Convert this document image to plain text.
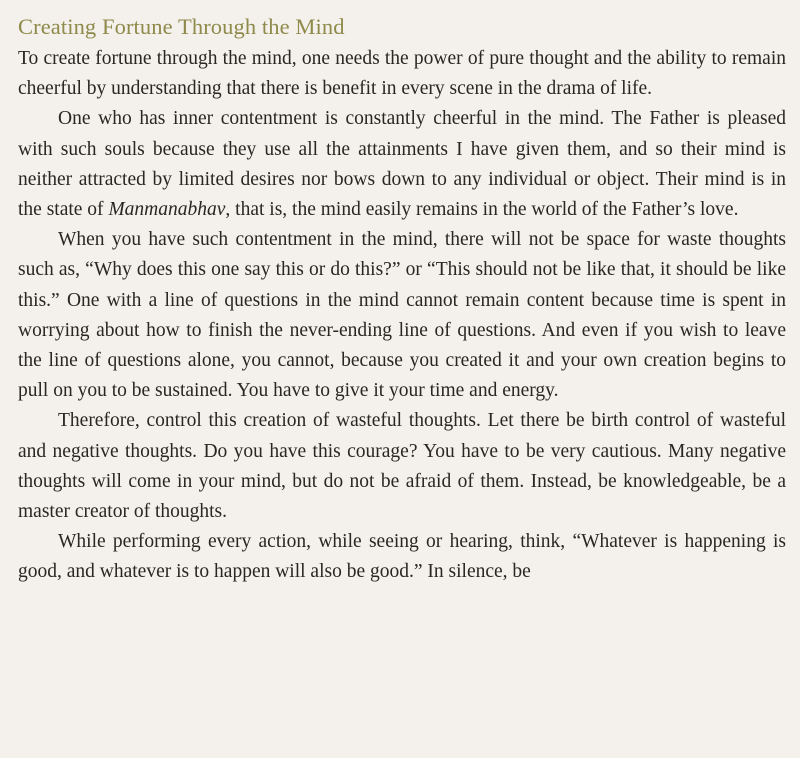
Creating Fortune Through the Mind

To create fortune through the mind, one needs the power of pure thought and the ability to remain cheerful by understanding that there is benefit in every scene in the drama of life.

One who has inner contentment is constantly cheerful in the mind. The Father is pleased with such souls because they use all the attainments I have given them, and so their mind is neither attracted by limited desires nor bows down to any individual or object. Their mind is in the state of Manmanabhav, that is, the mind easily remains in the world of the Father’s love.

When you have such contentment in the mind, there will not be space for waste thoughts such as, “Why does this one say this or do this?” or “This should not be like that, it should be like this.” One with a line of questions in the mind cannot remain content because time is spent in worrying about how to finish the never-ending line of questions. And even if you wish to leave the line of questions alone, you cannot, because you created it and your own creation begins to pull on you to be sustained. You have to give it your time and energy.

Therefore, control this creation of wasteful thoughts. Let there be birth control of wasteful and negative thoughts. Do you have this courage? You have to be very cautious. Many negative thoughts will come in your mind, but do not be afraid of them. Instead, be knowledgeable, be a master creator of thoughts.

While performing every action, while seeing or hearing, think, “Whatever is happening is good, and whatever is to happen will also be good.” In silence, be
